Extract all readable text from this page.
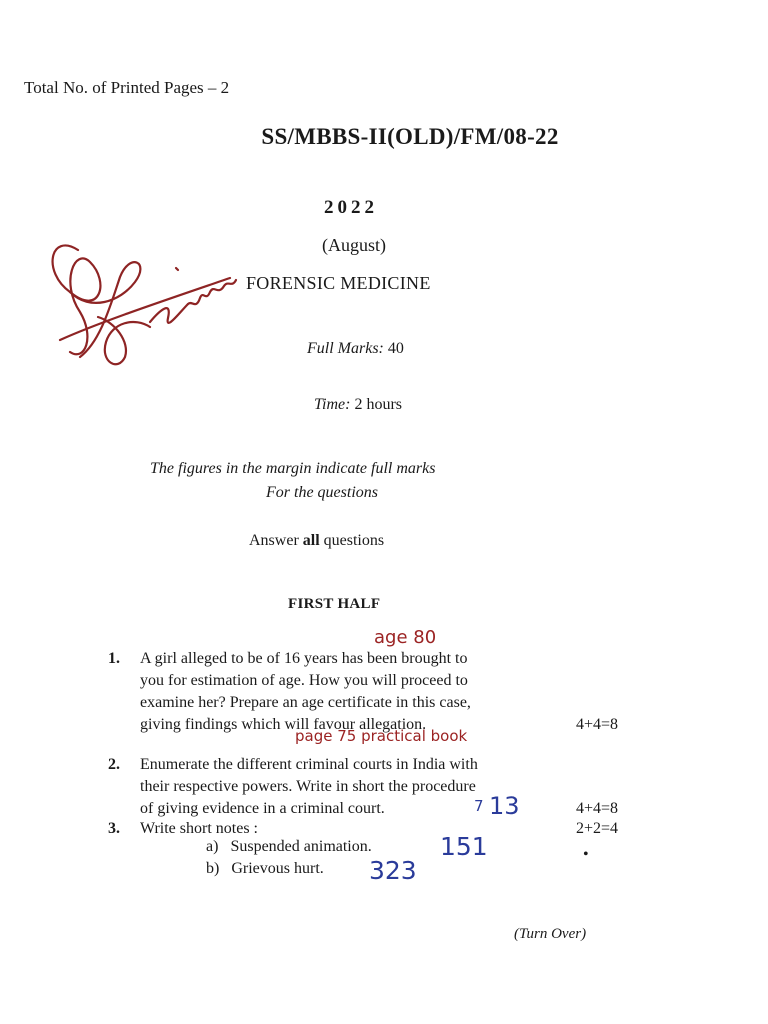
Total No. of Printed Pages – 2
SS/MBBS-II(OLD)/FM/08-22
2022
(August)
FORENSIC MEDICINE
Full Marks: 40
Time: 2 hours
The figures in the margin indicate full marks
For the questions
Answer all questions
FIRST HALF
age 80
1.	A girl alleged to be of 16 years has been brought to
you for estimation of age. How you will proceed to
examine her? Prepare an age certificate in this case,
giving findings which will favour allegation.	4+4=8
page 75 practical book
2.	Enumerate the different criminal courts in India with
their respective powers. Write in short the procedure
of giving evidence in a criminal court.	4+4=8
7 13
3.	Write short notes :	2+2=4
a) Suspended animation.	151
b) Grievous hurt. 323
•
(Turn Over)
